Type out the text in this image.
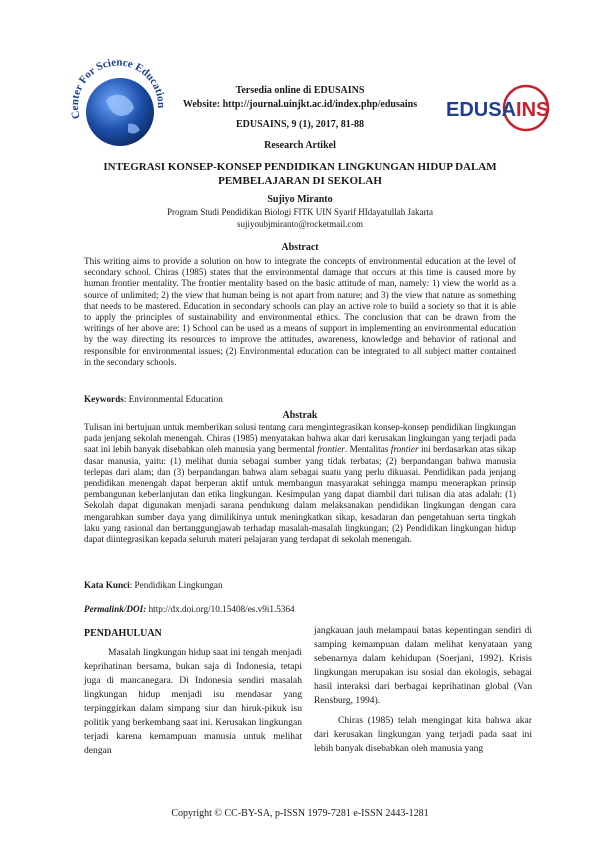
Center For Science Education
Tersedia online di EDUSAINS
Website: http://journal.uinjkt.ac.id/index.php/edusains
EDUSAINS, 9 (1), 2017, 81-88
EDUSAINS
Research Artikel
INTEGRASI KONSEP-KONSEP PENDIDIKAN LINGKUNGAN HIDUP DALAM
PEMBELAJARAN DI SEKOLAH
Sujiyo Miranto
Program Studi Pendidikan Biologi FITK UIN Syarif HIdayatullah Jakarta
sujiyoubjmiranto@rocketmail.com
Abstract

This writing aims to provide a solution on how to integrate the concepts of environmental education at the level of secondary school. Chiras (1985) states that the environmental damage that occurs at this time is caused more by human frontier mentality. The frontier mentality based on the basic attitude of man, namely: 1) view the world as a source of unlimited; 2) the view that human being is not apart from nature; and 3) the view that nature as something that needs to be mastered. Education in secondary schools can play an active role to build a society so that it is able to apply the principles of sustainability and environmental ethics. The conclusion that can be drawn from the writings of her above are: 1) School can be used as a means of support in implementing an environmental education by the way directing its resources to improve the attitudes, awareness, knowledge and behavior of rational and responsible for environmental issues; (2) Environmental education can be integrated to all subject matter contained in the secondary schools.

Keywords: Environmental Education
Abstrak

Tulisan ini bertujuan untuk memberikan solusi tentang cara mengintegrasikan konsep-konsep pendidikan lingkungan pada jenjang sekolah menengah. Chiras (1985) menyatakan bahwa akar dari kerusakan lingkungan yang terjadi pada saat ini lebih banyak disebabkan oleh manusia yang bermental frontier. Mentalitas frontier ini berdasarkan atas sikap dasar manusia, yaitu: (1) melihat dunia sebagai sumber yang tidak terbatas; (2) berpandangan bahwa manusia terlepas dari alam; dan (3) berpandangan bahwa alam sebagai suatu yang perlu dikuasai. Pendidikan pada jenjang pendidikan menengah dapat berperan aktif untuk membangun masyarakat sehingga mampu menerapkan prinsip pembangunan keberlanjutan dan etika lingkungan. Kesimpulan yang dapat diambil dari tulisan dia atas adalah: (1) Sekolah dapat digunakan menjadi sarana pendukung dalam melaksanakan pendidikan lingkungan dengan cara mengarahkan sumber daya yang dimilikinya untuk meningkatkan sikap, kesadaran dan pengetahuan serta tingkah laku yang rasional dan bertanggungjawab terhadap masalah-masalah lingkungan; (2) Pendidikan lingkungan hidup dapat diintegrasikan kepada seluruh materi pelajaran yang terdapat di sekolah menengah.

Kata Kunci: Pendidikan Lingkungan
Permalink/DOI: http://dx.doi.org/10.15408/es.v9i1.5364
PENDAHULUAN

Masalah lingkungan hidup saat ini tengah menjadi keprihatinan bersama, bukan saja di Indonesia, tetapi juga di mancanegara. Di Indonesia sendiri masalah lingkungan hidup menjadi isu mendasar yang terpinggirkan dalam simpang siur dan hiruk-pikuk isu politik yang berkembang saat ini. Kerusakan lingkungan terjadi karena kemampuan manusia untuk melihat dengan

jangkauan jauh melampaui batas kepentingan sendiri di samping kemampuan dalam melihat kenyataan yang sebenarnya dalam kehidupan (Soerjani, 1992). Krisis lingkungan merupakan isu sosial dan ekologis, sebagai hasil interaksi dari berbagai keprihatinan global (Van Rensburg, 1994).

Chiras (1985) telah mengingat kita bahwa akar dari kerusakan lingkungan yang terjadi pada saat ini lebih banyak disebabkan oleh manusia yang

Copyright © CC-BY-SA, p-ISSN 1979-7281 e-ISSN 2443-1281
